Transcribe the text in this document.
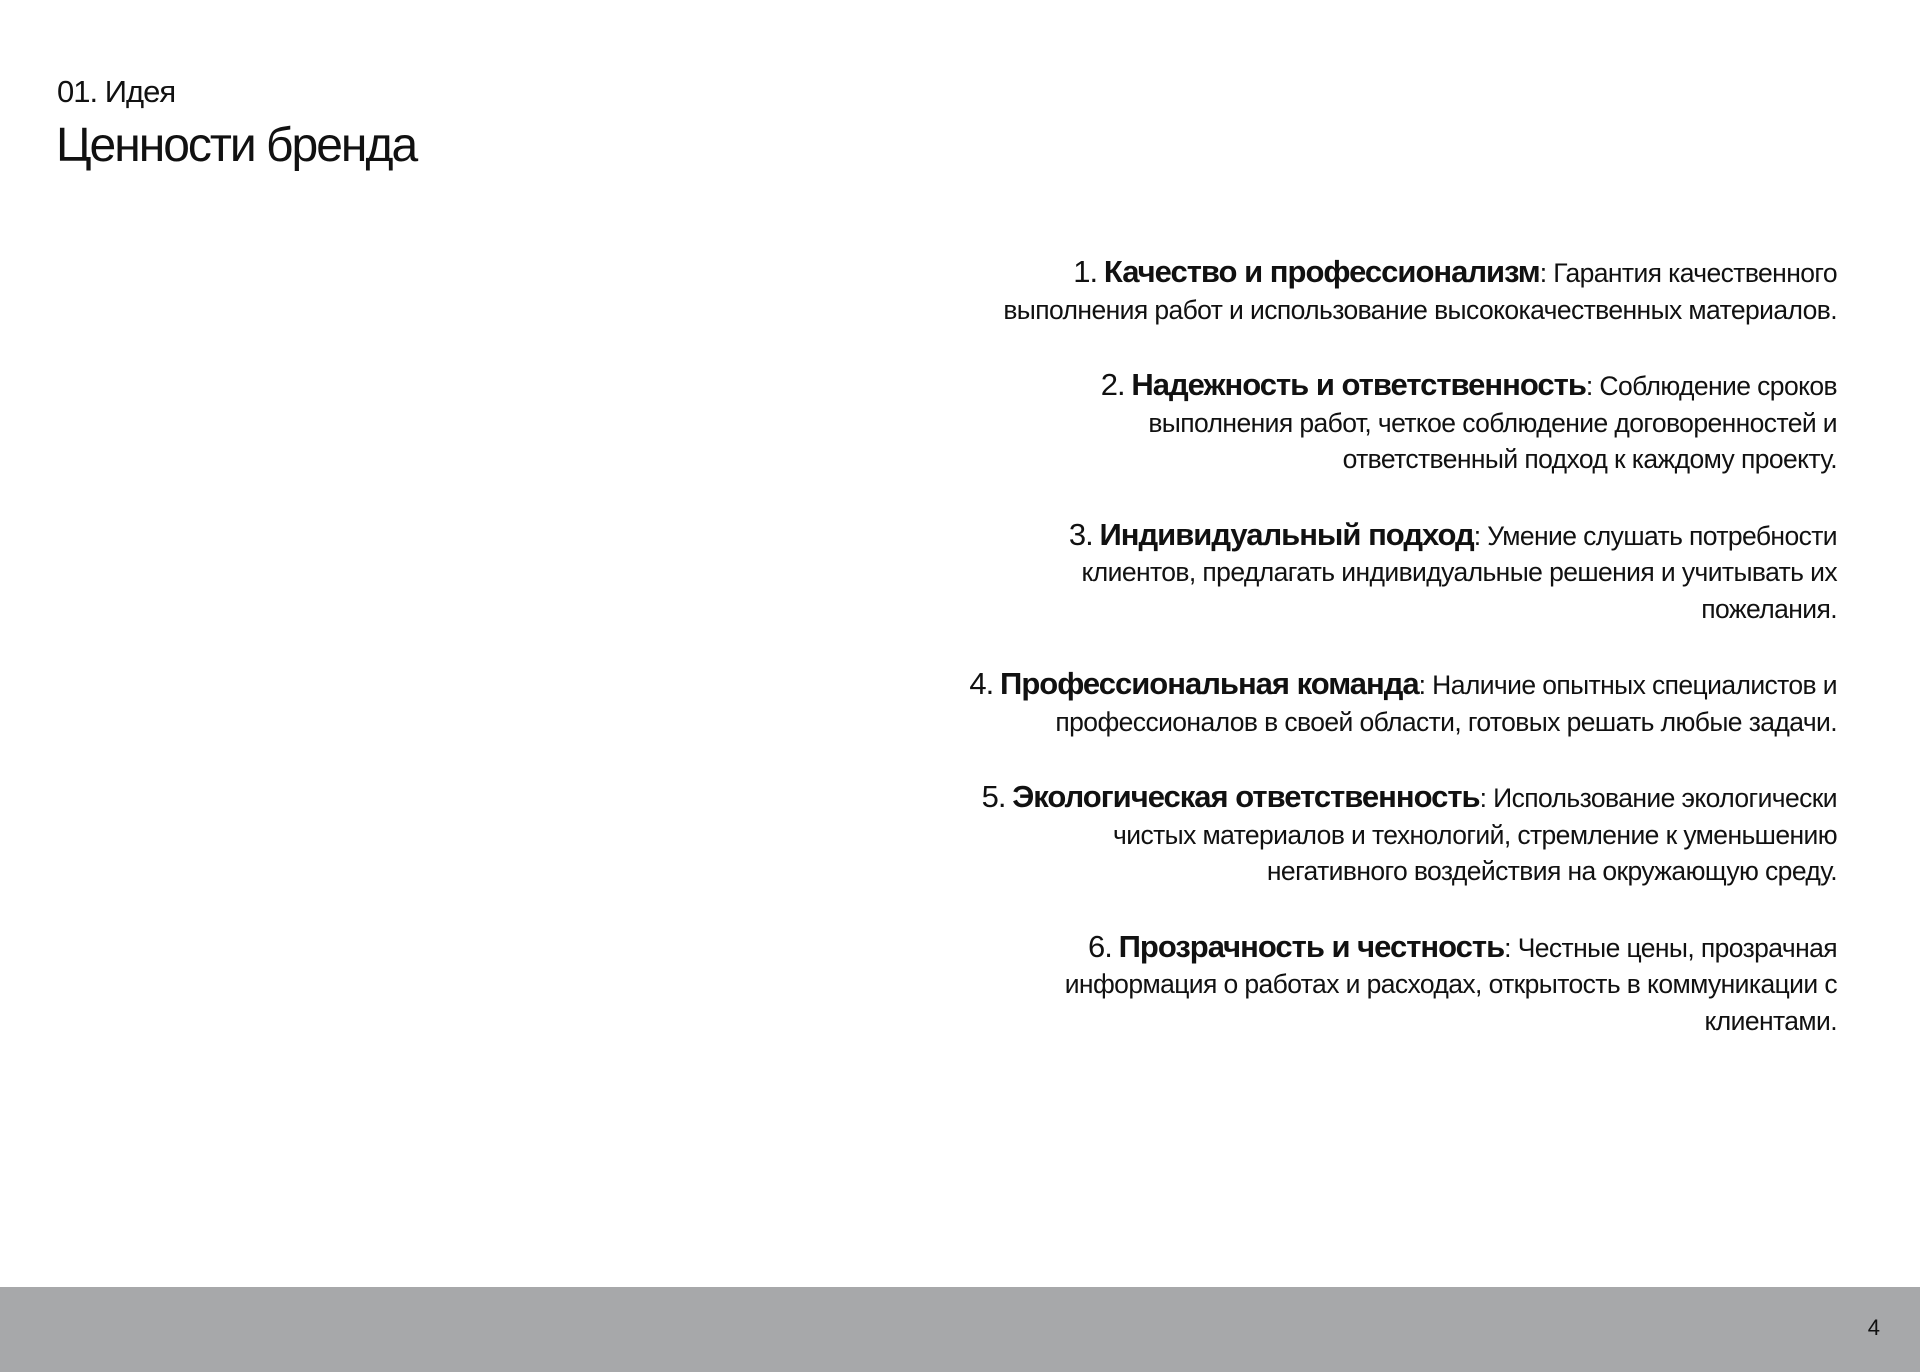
01. Идея
Ценности бренда
1. Качество и профессионализм: Гарантия качественного
выполнения работ и использование высококачественных материалов.
2. Надежность и ответственность: Соблюдение сроков
выполнения работ, четкое соблюдение договоренностей и
ответственный подход к каждому проекту.
3. Индивидуальный подход: Умение слушать потребности
клиентов, предлагать индивидуальные решения и учитывать их
пожелания.
4. Профессиональная команда: Наличие опытных специалистов и
профессионалов в своей области, готовых решать любые задачи.
5. Экологическая ответственность: Использование экологически
чистых материалов и технологий, стремление к уменьшению
негативного воздействия на окружающую среду.
6. Прозрачность и честность: Честные цены, прозрачная
информация о работах и расходах, открытость в коммуникации с
клиентами.
4
